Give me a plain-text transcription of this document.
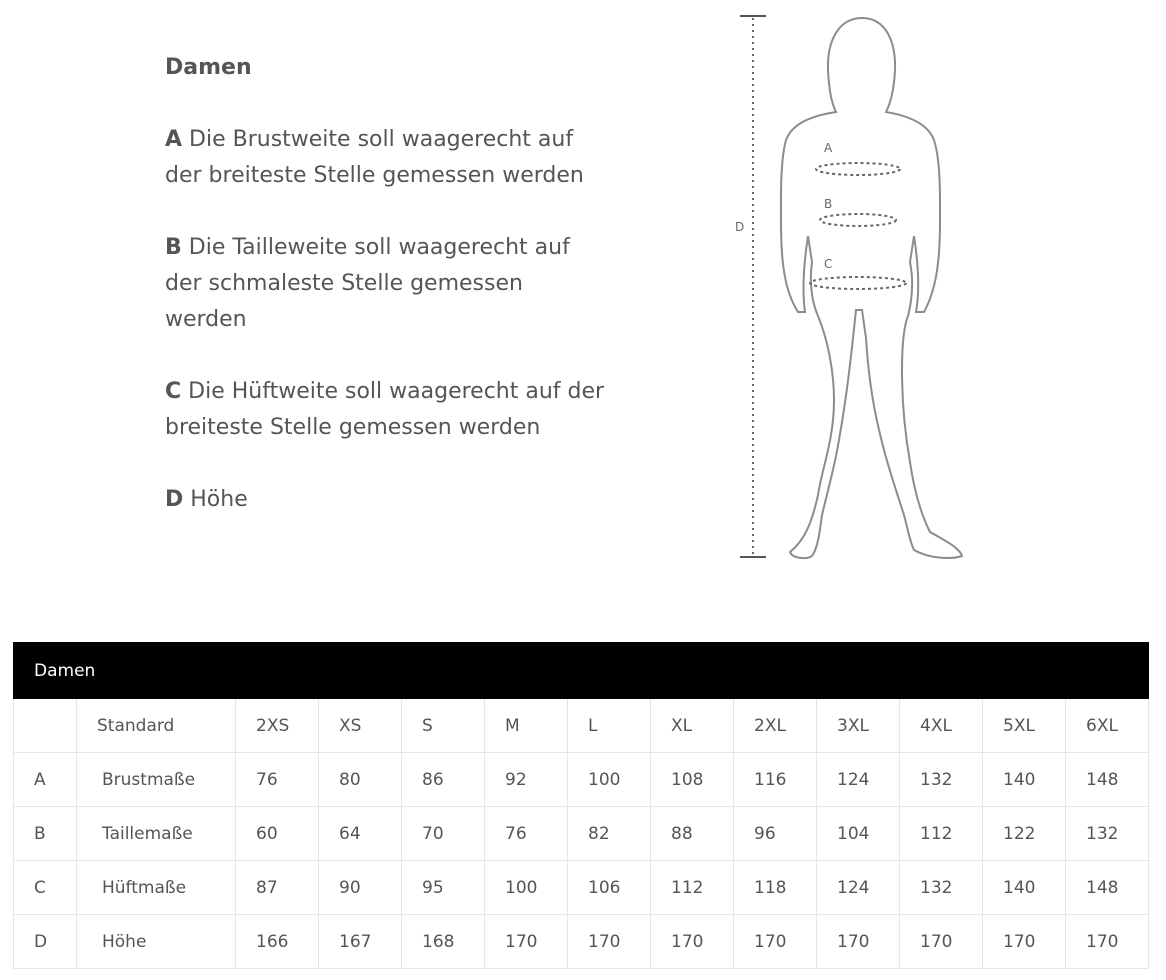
Damen

A Die Brustweite soll waagerecht auf der breiteste Stelle gemessen werden

B Die Tailleweite soll waagerecht auf der schmaleste Stelle gemessen werden

C Die Hüftweite soll waagerecht auf der breiteste Stelle gemessen werden

D Höhe

A
B
C
D
Damen												
	Standard	2XS	XS	S	M	L	XL	2XL	3XL	4XL	5XL	6XL
A	Brustmaße	76	80	86	92	100	108	116	124	132	140	148
B	Taillemaße	60	64	70	76	82	88	96	104	112	122	132
C	Hüftmaße	87	90	95	100	106	112	118	124	132	140	148
D	Höhe	166	167	168	170	170	170	170	170	170	170	170
